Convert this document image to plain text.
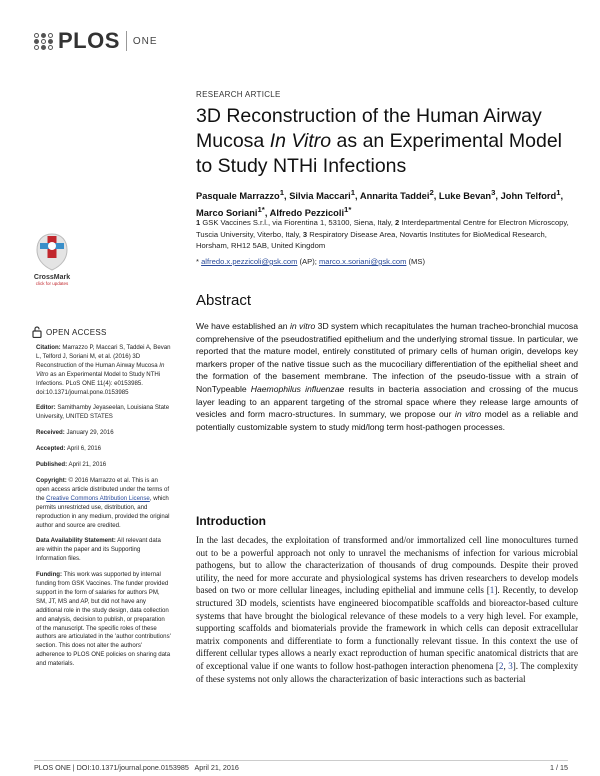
PLOS ONE
RESEARCH ARTICLE
3D Reconstruction of the Human Airway Mucosa In Vitro as an Experimental Model to Study NTHi Infections
Pasquale Marrazzo$^1$, Silvia Maccari$^1$, Annarita Taddei$^2$, Luke Bevan$^3$, John Telford$^1$,
Marco Soriani$^{1*}$, Alfredo Pezzicoli$^{1*}$
1 GSK Vaccines S.r.l., via Fiorentina 1, 53100, Siena, Italy, 2 Interdepartmental Centre for Electron Microscopy, Tuscia University, Viterbo, Italy, 3 Respiratory Disease Area, Novartis Institutes for BioMedical Research, Horsham, RH12 5AB, United Kingdom
* alfredo.x.pezzicoli@gsk.com (AP); marco.x.soriani@gsk.com (MS)
CrossMark
click for updates
OPEN ACCESS
Citation: Marrazzo P, Maccari S, Taddei A, Bevan L, Telford J, Soriani M, et al. (2016) 3D Reconstruction of the Human Airway Mucosa In Vitro as an Experimental Model to Study NTHi Infections. PLoS ONE 11(4): e0153985. doi:10.1371/journal.pone.0153985
Editor: Samithamby Jeyaseelan, Louisiana State University, UNITED STATES
Received: January 29, 2016
Accepted: April 6, 2016
Published: April 21, 2016
Copyright: © 2016 Marrazzo et al. This is an open access article distributed under the terms of the Creative Commons Attribution License, which permits unrestricted use, distribution, and reproduction in any medium, provided the original author and source are credited.
Data Availability Statement: All relevant data are within the paper and its Supporting Information files.
Funding: This work was supported by internal funding from GSK Vaccines. The funder provided support in the form of salaries for authors PM, SM, JT, MS and AP, but did not have any additional role in the study design, data collection and analysis, decision to publish, or preparation of the manuscript. The specific roles of these authors are articulated in the 'author contributions' section. This does not alter the authors' adherence to PLOS ONE policies on sharing data and materials.
Abstract
We have established an in vitro 3D system which recapitulates the human tracheo-bronchial mucosa comprehensive of the pseudostratified epithelium and the underlying stromal tissue. In particular, we reported that the mature model, entirely constituted of primary cells of human origin, develops key markers proper of the native tissue such as the mucociliary differentiation of the epithelial sheet and the formation of the basement membrane. The infection of the pseudo-tissue with a strain of NonTypeable Haemophilus influenzae results in bacteria association and crossing of the mucus layer leading to an apparent targeting of the stromal space where they release large amounts of vesicles and form macro-structures. In summary, we propose our in vitro model as a reliable and potentially customizable system to study mid/long term host-pathogen processes.
Introduction
In the last decades, the exploitation of transformed and/or immortalized cell line monocultures turned out to be a powerful approach not only to unravel the mechanisms of infection for various microbial pathogens, but to allow the characterization of thousands of drug compounds. Despite their proved utility, the need for more accurate and physiological systems has driven researchers to develop models based on two or more cellular lineages, including epithelial and immune cells [1]. Recently, to develop structured 3D models, scientists have engineered biocompatible scaffolds and bioreactor-based culture systems that have brought the biological relevance of these models to a very high level. For example, supporting scaffolds and biomaterials provide the framework in which cells can deposit extracellular matrix components and differentiate to form a functionally relevant tissue. In this context the use of different cellular types allows a nearly exact reproduction of human specific anatomical districts that are of exceptional value if one wants to follow host-pathogen interaction phenomena [2, 3]. The complexity of these systems not only allows the characterization of basic interactions such as bacterial
PLOS ONE | DOI:10.1371/journal.pone.0153985   April 21, 2016	1 / 15
